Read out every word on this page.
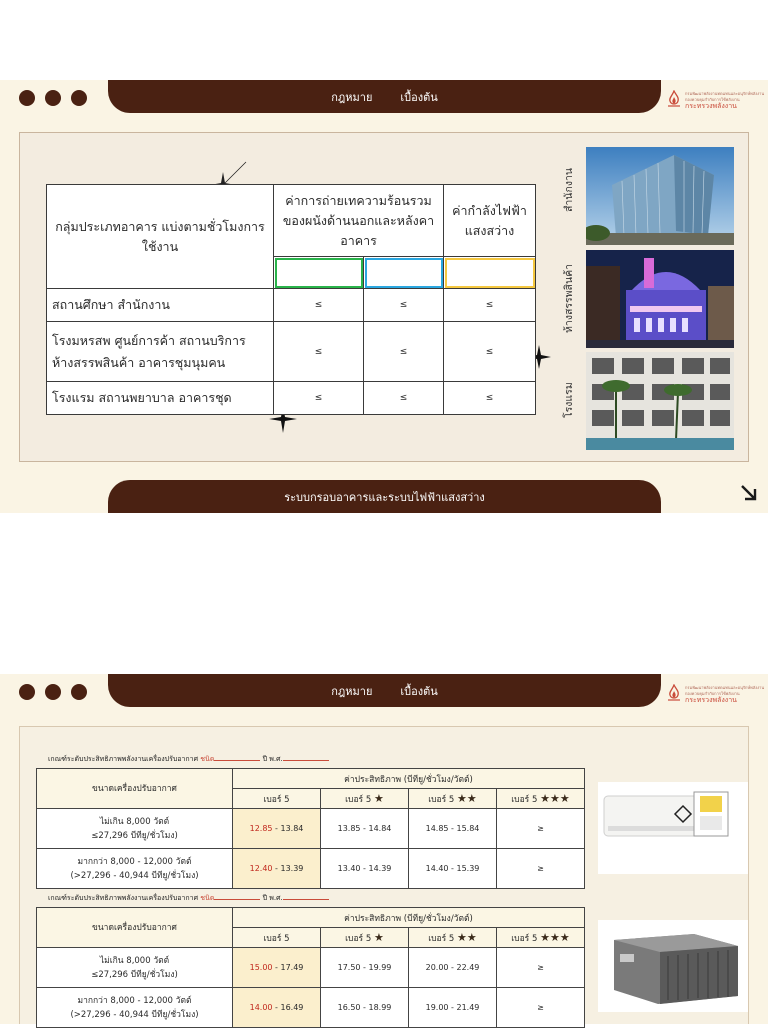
กฎหมาย	เบื้องต้น	กรมพัฒนาพลังงานทดแทนและอนุรักษ์พลังงาน
กองควบคุมกำกับการใช้พลังงาน
กระทรวงพลังงาน
ระบบกรอบอาคารและระบบไฟฟ้าแสงสว่าง
กลุ่มประเภทอาคาร แบ่งตามชั่วโมงการใช้งาน	ค่าการถ่ายเทความร้อนรวมของผนังด้านนอกและหลังคาอาคาร		ค่ากำลังไฟฟ้าแสงสว่าง

สถานศึกษา สำนักงาน	≤	≤	≤
โรงมหรสพ ศูนย์การค้า สถานบริการ ห้างสรรพสินค้า อาคารชุมนุมคน	≤	≤	≤
โรงแรม สถานพยาบาล อาคารชุด	≤	≤	≤
สำนักงาน
ห้างสรรพสินค้า
โรงแรม
กฎหมาย	เบื้องต้น	กรมพัฒนาพลังงานทดแทนและอนุรักษ์พลังงาน
กองควบคุมกำกับการใช้พลังงาน
กระทรวงพลังงาน
เกณฑ์ระดับประสิทธิภาพพลังงานเครื่องปรับอากาศ ชนิด	ปี พ.ศ.
ขนาดเครื่องปรับอากาศ	ค่าประสิทธิภาพ (บีทียู/ชั่วโมง/วัตต์)			
	เบอร์ 5	เบอร์ 5 ★	เบอร์ 5 ★★	เบอร์ 5 ★★★
ไม่เกิน 8,000 วัตต์
≤27,296 บีทียู/ชั่วโมง)	12.85 - 13.84	13.85 - 14.84	14.85 - 15.84	≥
มากกว่า 8,000 - 12,000 วัตต์
(>27,296 - 40,944 บีทียู/ชั่วโมง)	12.40 - 13.39	13.40 - 14.39	14.40 - 15.39	≥
เกณฑ์ระดับประสิทธิภาพพลังงานเครื่องปรับอากาศ ชนิด	ปี พ.ศ.
ขนาดเครื่องปรับอากาศ	ค่าประสิทธิภาพ (บีทียู/ชั่วโมง/วัตต์)			
	เบอร์ 5	เบอร์ 5 ★	เบอร์ 5 ★★	เบอร์ 5 ★★★
ไม่เกิน 8,000 วัตต์
≤27,296 บีทียู/ชั่วโมง)	15.00 - 17.49	17.50 - 19.99	20.00 - 22.49	≥
มากกว่า 8,000 - 12,000 วัตต์
(>27,296 - 40,944 บีทียู/ชั่วโมง)	14.00 - 16.49	16.50 - 18.99	19.00 - 21.49	≥
